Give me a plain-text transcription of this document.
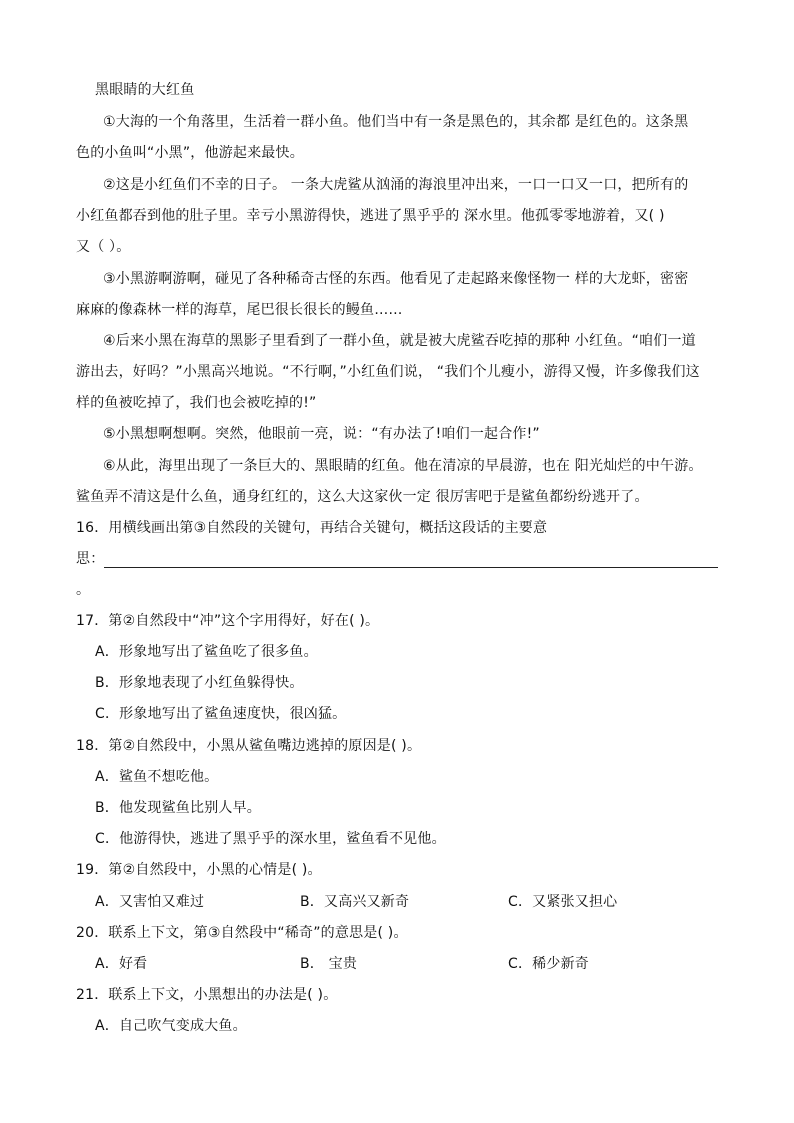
黑眼睛的大红鱼
①大海的一个角落里，生活着一群小鱼。他们当中有一条是黑色的，其余都 是红色的。这条黑
色的小鱼叫“小黑”，他游起来最快。
②这是小红鱼们不幸的日子。 一条大虎鲨从汹涌的海浪里冲出来，一口一口又一口，把所有的
小红鱼都吞到他的肚子里。幸亏小黑游得快，逃进了黑乎乎的 深水里。他孤零零地游着，又( )
又（ ）。
③小黑游啊游啊，碰见了各种稀奇古怪的东西。他看见了走起路来像怪物一 样的大龙虾，密密
麻麻的像森林一样的海草，尾巴很长很长的鳗鱼……
④后来小黑在海草的黑影子里看到了一群小鱼，就是被大虎鲨吞吃掉的那种 小红鱼。“咱们一道
游出去，好吗？”小黑高兴地说。“不行啊，”小红鱼们说， “我们个儿瘦小，游得又慢，许多像我们这
样的鱼被吃掉了，我们也会被吃掉的!”
⑤小黑想啊想啊。突然，他眼前一亮，说：“有办法了!咱们一起合作!”
⑥从此，海里出现了一条巨大的、黑眼睛的红鱼。他在清凉的早晨游，也在 阳光灿烂的中午游。
鲨鱼弄不清这是什么鱼，通身红红的，这么大这家伙一定 很厉害吧于是鲨鱼都纷纷逃开了。
16．用横线画出第③自然段的关键句，再结合关键句，概括这段话的主要意
思：
。
17．第②自然段中“冲”这个字用得好，好在( )。
A．形象地写出了鲨鱼吃了很多鱼。
B．形象地表现了小红鱼躲得快。
C．形象地写出了鲨鱼速度快，很凶猛。
18．第②自然段中，小黑从鲨鱼嘴边逃掉的原因是( )。
A．鲨鱼不想吃他。
B．他发现鲨鱼比别人早。
C．他游得快，逃进了黑乎乎的深水里，鲨鱼看不见他。
19．第②自然段中，小黑的心情是( )。
A．又害怕又难过	B．又高兴又新奇	C．又紧张又担心
20．联系上下文，第③自然段中“稀奇”的意思是( )。
A．好看	B． 宝贵	C．稀少新奇
21．联系上下文，小黑想出的办法是( )。
A．自己吹气变成大鱼。
